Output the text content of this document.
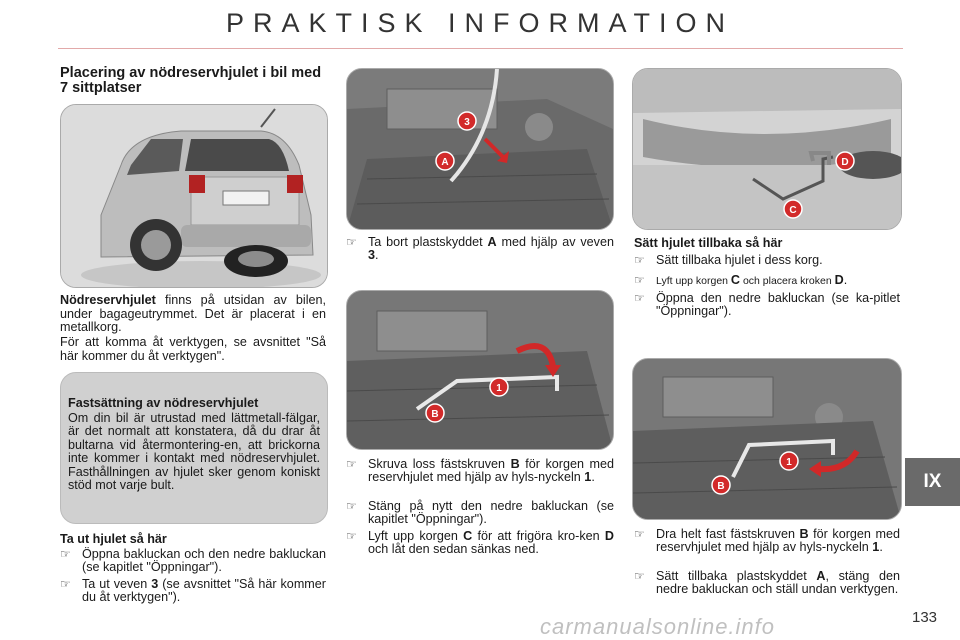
PRAKTISK INFORMATION
Placering av nödreservhjulet i bil med 7 sittplatser
Nödreservhjulet finns på utsidan av bilen, under bagageutrymmet. Det är placerat i en metallkorg.
För att komma åt verktygen, se avsnittet "Så här kommer du åt verktygen".
Fastsättning av nödreservhjulet
Om din bil är utrustad med lättmetall-fälgar, är det normalt att konstatera, då du drar åt bultarna vid återmontering-en, att brickorna inte kommer i kontakt med nödreservhjulet. Fasthållningen av hjulet sker genom koniskt stöd mot varje bult.
Ta ut hjulet så här
☞ Öppna bakluckan och den nedre bakluckan (se kapitlet "Öppningar").
☞ Ta ut veven 3 (se avsnittet "Så här kommer du åt verktygen").
3
A
☞ Ta bort plastskyddet A med hjälp av veven 3.
1
B
☞ Skruva loss fästskruven B för korgen med reservhjulet med hjälp av hyls-nyckeln 1.
☞ Stäng på nytt den nedre bakluckan (se kapitlet "Öppningar").
☞ Lyft upp korgen C för att frigöra kro-ken D och låt den sedan sänkas ned.
D
C
Sätt hjulet tillbaka så här
☞ Sätt tillbaka hjulet i dess korg.
☞ Lyft upp korgen C och placera kroken D.
☞ Öppna den nedre bakluckan (se ka-pitlet "Öppningar").
1
B
☞ Dra helt fast fästskruven B för korgen med reservhjulet med hjälp av hyls-nyckeln 1.
☞ Sätt tillbaka plastskyddet A, stäng den nedre bakluckan och ställ undan verktygen.
IX
133
carmanualsonline.info
